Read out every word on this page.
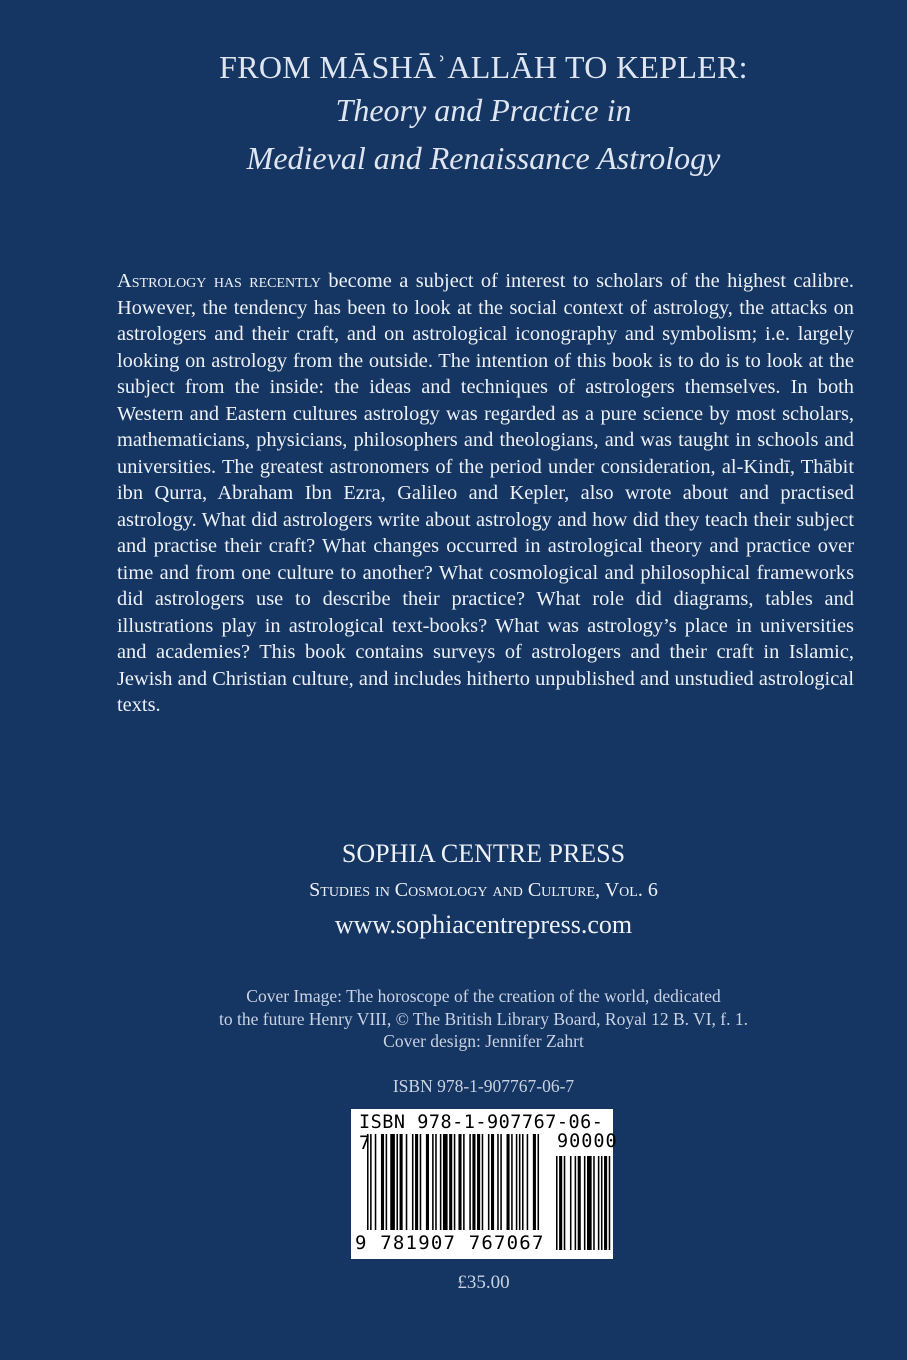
FROM MĀSHĀʾALLĀH TO KEPLER:
Theory and Practice in
Medieval and Renaissance Astrology
Astrology has recently become a subject of interest to scholars of the highest calibre. However, the tendency has been to look at the social context of astrology, the attacks on astrologers and their craft, and on astrological iconography and symbolism; i.e. largely looking on astrology from the outside. The intention of this book is to do is to look at the subject from the inside: the ideas and techniques of astrologers themselves. In both Western and Eastern cultures astrology was regarded as a pure science by most scholars, mathematicians, physicians, philosophers and theologians, and was taught in schools and universities. The greatest astronomers of the period under consideration, al-Kindī, Thābit ibn Qurra, Abraham Ibn Ezra, Galileo and Kepler, also wrote about and practised astrology. What did astrologers write about astrology and how did they teach their subject and practise their craft? What changes occurred in astrological theory and practice over time and from one culture to another? What cosmological and philosophical frameworks did astrologers use to describe their practice? What role did diagrams, tables and illustrations play in astrological text-books? What was astrology’s place in universities and academies? This book contains surveys of astrologers and their craft in Islamic, Jewish and Christian culture, and includes hitherto unpublished and unstudied astrological texts.
SOPHIA CENTRE PRESS
Studies in Cosmology and Culture, Vol. 6
www.sophiacentrepress.com
Cover Image: The horoscope of the creation of the world, dedicated
to the future Henry VIII, © The British Library Board, Royal 12 B. VI, f. 1.
Cover design: Jennifer Zahrt
ISBN 978-1-907767-06-7
ISBN 978-1-907767-06-7	90000
9 781907 767067
£35.00
